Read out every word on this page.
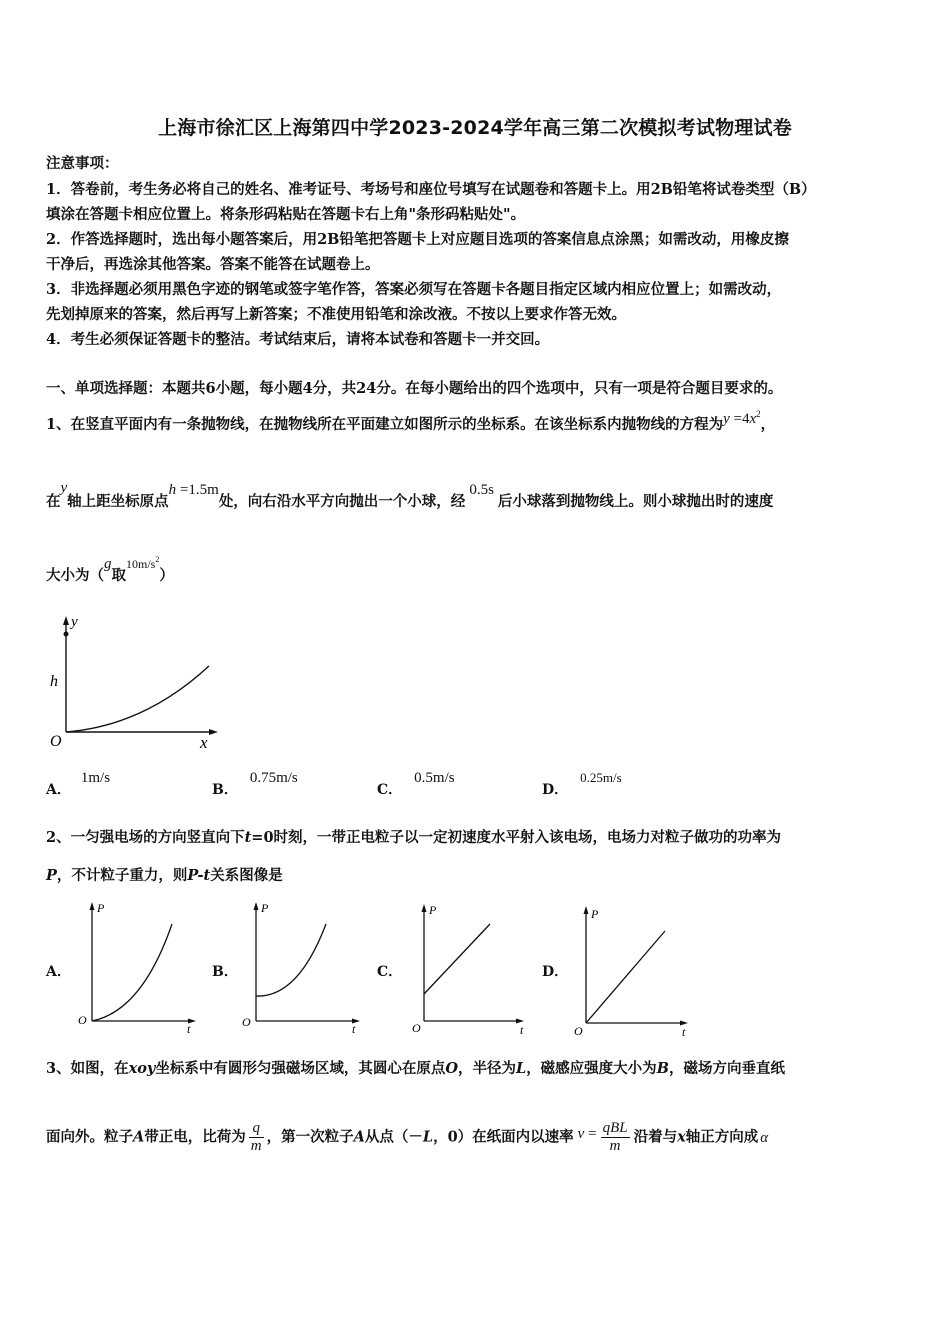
上海市徐汇区上海第四中学2023-2024学年高三第二次模拟考试物理试卷
注意事项：
1．答卷前，考生务必将自己的姓名、准考证号、考场号和座位号填写在试题卷和答题卡上。用2B铅笔将试卷类型（B）
填涂在答题卡相应位置上。将条形码粘贴在答题卡右上角"条形码粘贴处"。
2．作答选择题时，选出每小题答案后，用2B铅笔把答题卡上对应题目选项的答案信息点涂黑；如需改动，用橡皮擦
干净后，再选涂其他答案。答案不能答在试题卷上。
3．非选择题必须用黑色字迹的钢笔或签字笔作答，答案必须写在答题卡各题目指定区域内相应位置上；如需改动，
先划掉原来的答案，然后再写上新答案；不准使用铅笔和涂改液。不按以上要求作答无效。
4．考生必须保证答题卡的整洁。考试结束后，请将本试卷和答题卡一并交回。
一、单项选择题：本题共6小题，每小题4分，共24分。在每小题给出的四个选项中，只有一项是符合题目要求的。
1、在竖直平面内有一条抛物线，在抛物线所在平面建立如图所示的坐标系。在该坐标系内抛物线的方程为$y =4x^2$，
在y轴上距坐标原点h =1.5m处，向右沿水平方向抛出一个小球，经0.5s后小球落到抛物线上。则小球抛出时的速度
大小为（g取$10m/s^2$）
y
h
O	x
A．1m/s
B．0.75m/s
C．0.5m/s
D．$^{0.25m/s}$
2、一匀强电场的方向竖直向下t=0时刻，一带正电粒子以一定初速度水平射入该电场，电场力对粒子做功的功率为
P，不计粒子重力，则P-t关系图像是
A．
P
O
t
B．
P
O	t
C．
P
O	t
D．
P
O	t
3、如图，在xoy坐标系中有圆形匀强磁场区域，其圆心在原点O，半径为L，磁感应强度大小为B，磁场方向垂直纸
面向外。粒子A带正电，比荷为 $\frac{q}{m}$ ，第一次粒子A从点（－L，0）在纸面内以速率 $v = \frac{\text{qBL}}{m}$ 沿着与x轴正方向成 α
